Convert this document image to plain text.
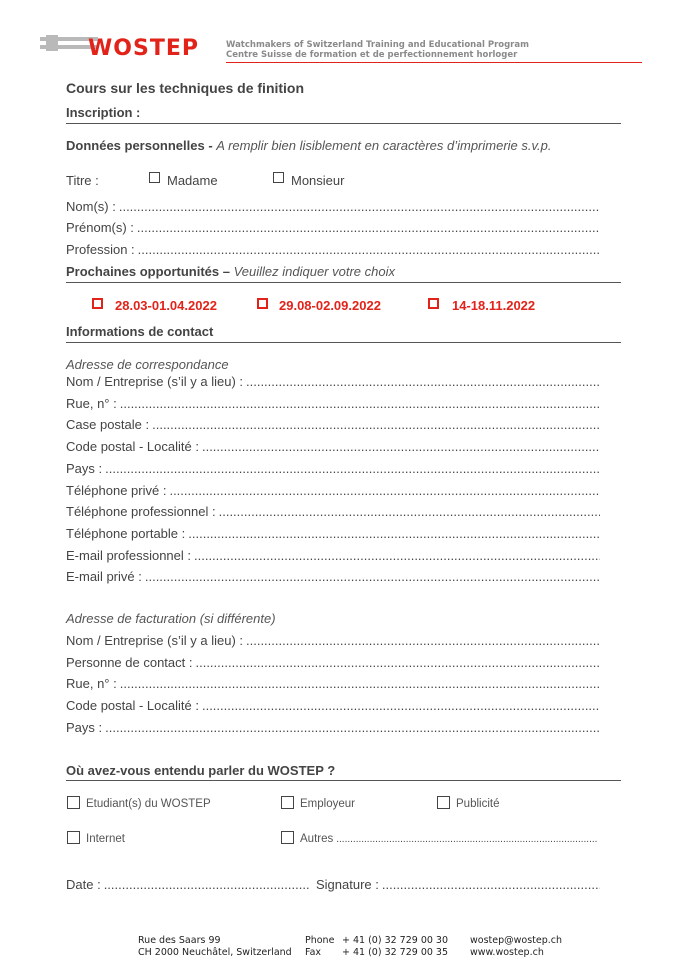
WOSTEP	Watchmakers of Switzerland Training and Educational Program
Centre Suisse de formation et de perfectionnement horloger
Cours sur les techniques de finition
Inscription :
Données personnelles - A remplir bien lisiblement en caractères d’imprimerie s.v.p.
Titre :	Madame	Monsieur
Nom(s) :
.....
Prénom(s) :
.....
Profession :
.....
Prochaines opportunités – Veuillez indiquer votre choix
28.03-01.04.2022	29.08-02.09.2022	14-18.11.2022
Informations de contact
Adresse de correspondance
Nom / Entreprise (s’il y a lieu) :
.....
Rue, n° :
.....
Case postale :
.....
Code postal - Localité :
.....
Pays :
.....
Téléphone privé :
.....
Téléphone professionnel :
.....
Téléphone portable :
.....
E-mail professionnel :
.....
E-mail privé :
.....
Adresse de facturation (si différente)
Nom / Entreprise (s’il y a lieu) :
.....
Personne de contact :
.....
Rue, n° :
.....
Code postal - Localité :
.....
Pays :
.....
Où avez-vous entendu parler du WOSTEP ?
Etudiant(s) du WOSTEP	Employeur	Publicité
Internet	Autres
.....
Date :
.....	Signature :
.....
Rue des Saars 99
CH 2000 Neuchâtel, Switzerland
Phone + 41 (0) 32 729 00 30
Fax + 41 (0) 32 729 00 35
wostep@wostep.ch
www.wostep.ch
